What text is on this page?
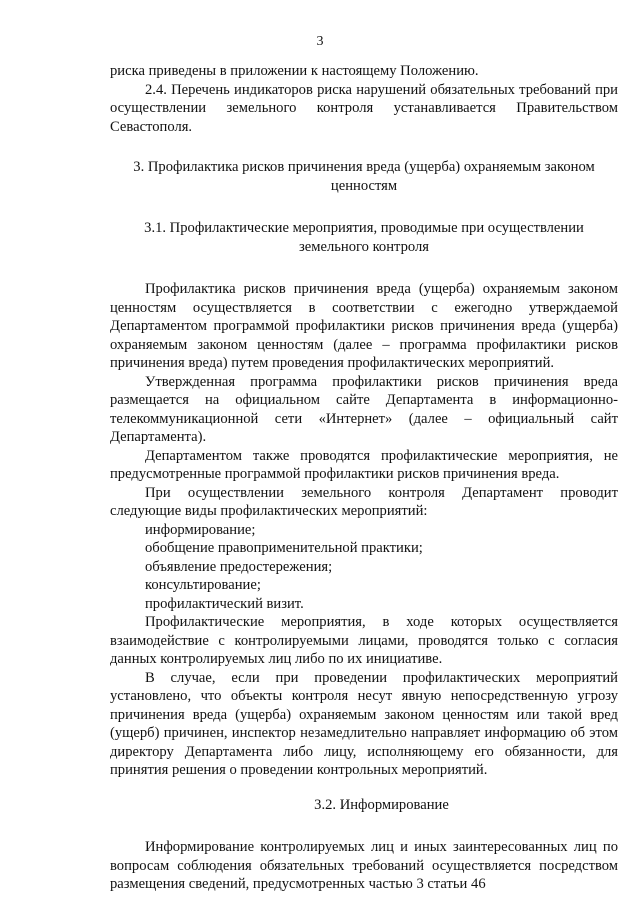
3

риска приведены в приложении к настоящему Положению.

2.4. Перечень индикаторов риска нарушений обязательных требований при осуществлении земельного контроля устанавливается Правительством Севастополя.

3. Профилактика рисков причинения вреда (ущерба) охраняемым законом ценностям

3.1. Профилактические мероприятия, проводимые при осуществлении земельного контроля

Профилактика рисков причинения вреда (ущерба) охраняемым законом ценностям осуществляется в соответствии с ежегодно утверждаемой Департаментом программой профилактики рисков причинения вреда (ущерба) охраняемым законом ценностям (далее – программа профилактики рисков причинения вреда) путем проведения профилактических мероприятий.

Утвержденная программа профилактики рисков причинения вреда размещается на официальном сайте Департамента в информационно-телекоммуникационной сети «Интернет» (далее – официальный сайт Департамента).

Департаментом также проводятся профилактические мероприятия, не предусмотренные программой профилактики рисков причинения вреда.

При осуществлении земельного контроля Департамент проводит следующие виды профилактических мероприятий:

информирование;

обобщение правоприменительной практики;

объявление предостережения;

консультирование;

профилактический визит.

Профилактические мероприятия, в ходе которых осуществляется взаимодействие с контролируемыми лицами, проводятся только с согласия данных контролируемых лиц либо по их инициативе.

В случае, если при проведении профилактических мероприятий установлено, что объекты контроля несут явную непосредственную угрозу причинения вреда (ущерба) охраняемым законом ценностям или такой вред (ущерб) причинен, инспектор незамедлительно направляет информацию об этом директору Департамента либо лицу, исполняющему его обязанности, для принятия решения о проведении контрольных мероприятий.

3.2. Информирование

Информирование контролируемых лиц и иных заинтересованных лиц по вопросам соблюдения обязательных требований осуществляется посредством размещения сведений, предусмотренных частью 3 статьи 46
